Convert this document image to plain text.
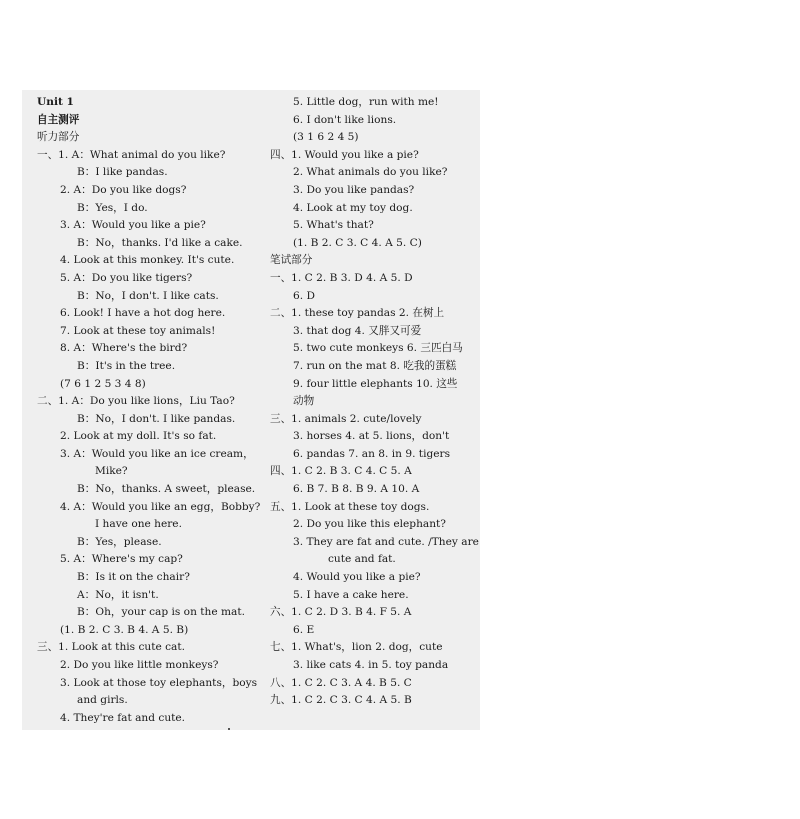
Unit 1
自主测评
听力部分
一、1. A：What animal do you like?
B：I like pandas.
2. A：Do you like dogs?
B：Yes，I do.
3. A：Would you like a pie?
B：No，thanks. I'd like a cake.
4. Look at this monkey. It's cute.
5. A：Do you like tigers?
B：No，I don't. I like cats.
6. Look! I have a hot dog here.
7. Look at these toy animals!
8. A：Where's the bird?
B：It's in the tree.
(7 6 1 2 5 3 4 8)
二、1. A：Do you like lions，Liu Tao?
B：No，I don't. I like pandas.
2. Look at my doll. It's so fat.
3. A：Would you like an ice cream，
Mike?
B：No，thanks. A sweet，please.
4. A：Would you like an egg，Bobby?
I have one here.
B：Yes，please.
5. A：Where's my cap?
B：Is it on the chair?
A：No，it isn't.
B：Oh，your cap is on the mat.
(1. B 2. C 3. B 4. A 5. B)
三、1. Look at this cute cat.
2. Do you like little monkeys?
3. Look at those toy elephants，boys
and girls.
4. They're fat and cute.
5. Little dog，run with me!
6. I don't like lions.
(3 1 6 2 4 5)
四、1. Would you like a pie?
2. What animals do you like?
3. Do you like pandas?
4. Look at my toy dog.
5. What's that?
(1. B 2. C 3. C 4. A 5. C)
笔试部分
一、1. C 2. B 3. D 4. A 5. D
6. D
二、1. these toy pandas 2. 在树上
3. that dog 4. 又胖又可爱
5. two cute monkeys 6. 三匹白马
7. run on the mat 8. 吃我的蛋糕
9. four little elephants 10. 这些
动物
三、1. animals 2. cute/lovely
3. horses 4. at 5. lions，don't
6. pandas 7. an 8. in 9. tigers
四、1. C 2. B 3. C 4. C 5. A
6. B 7. B 8. B 9. A 10. A
五、1. Look at these toy dogs.
2. Do you like this elephant?
3. They are fat and cute. /They are
cute and fat.
4. Would you like a pie?
5. I have a cake here.
六、1. C 2. D 3. B 4. F 5. A
6. E
七、1. What's，lion 2. dog，cute
3. like cats 4. in 5. toy panda
八、1. C 2. C 3. A 4. B 5. C
九、1. C 2. C 3. C 4. A 5. B
